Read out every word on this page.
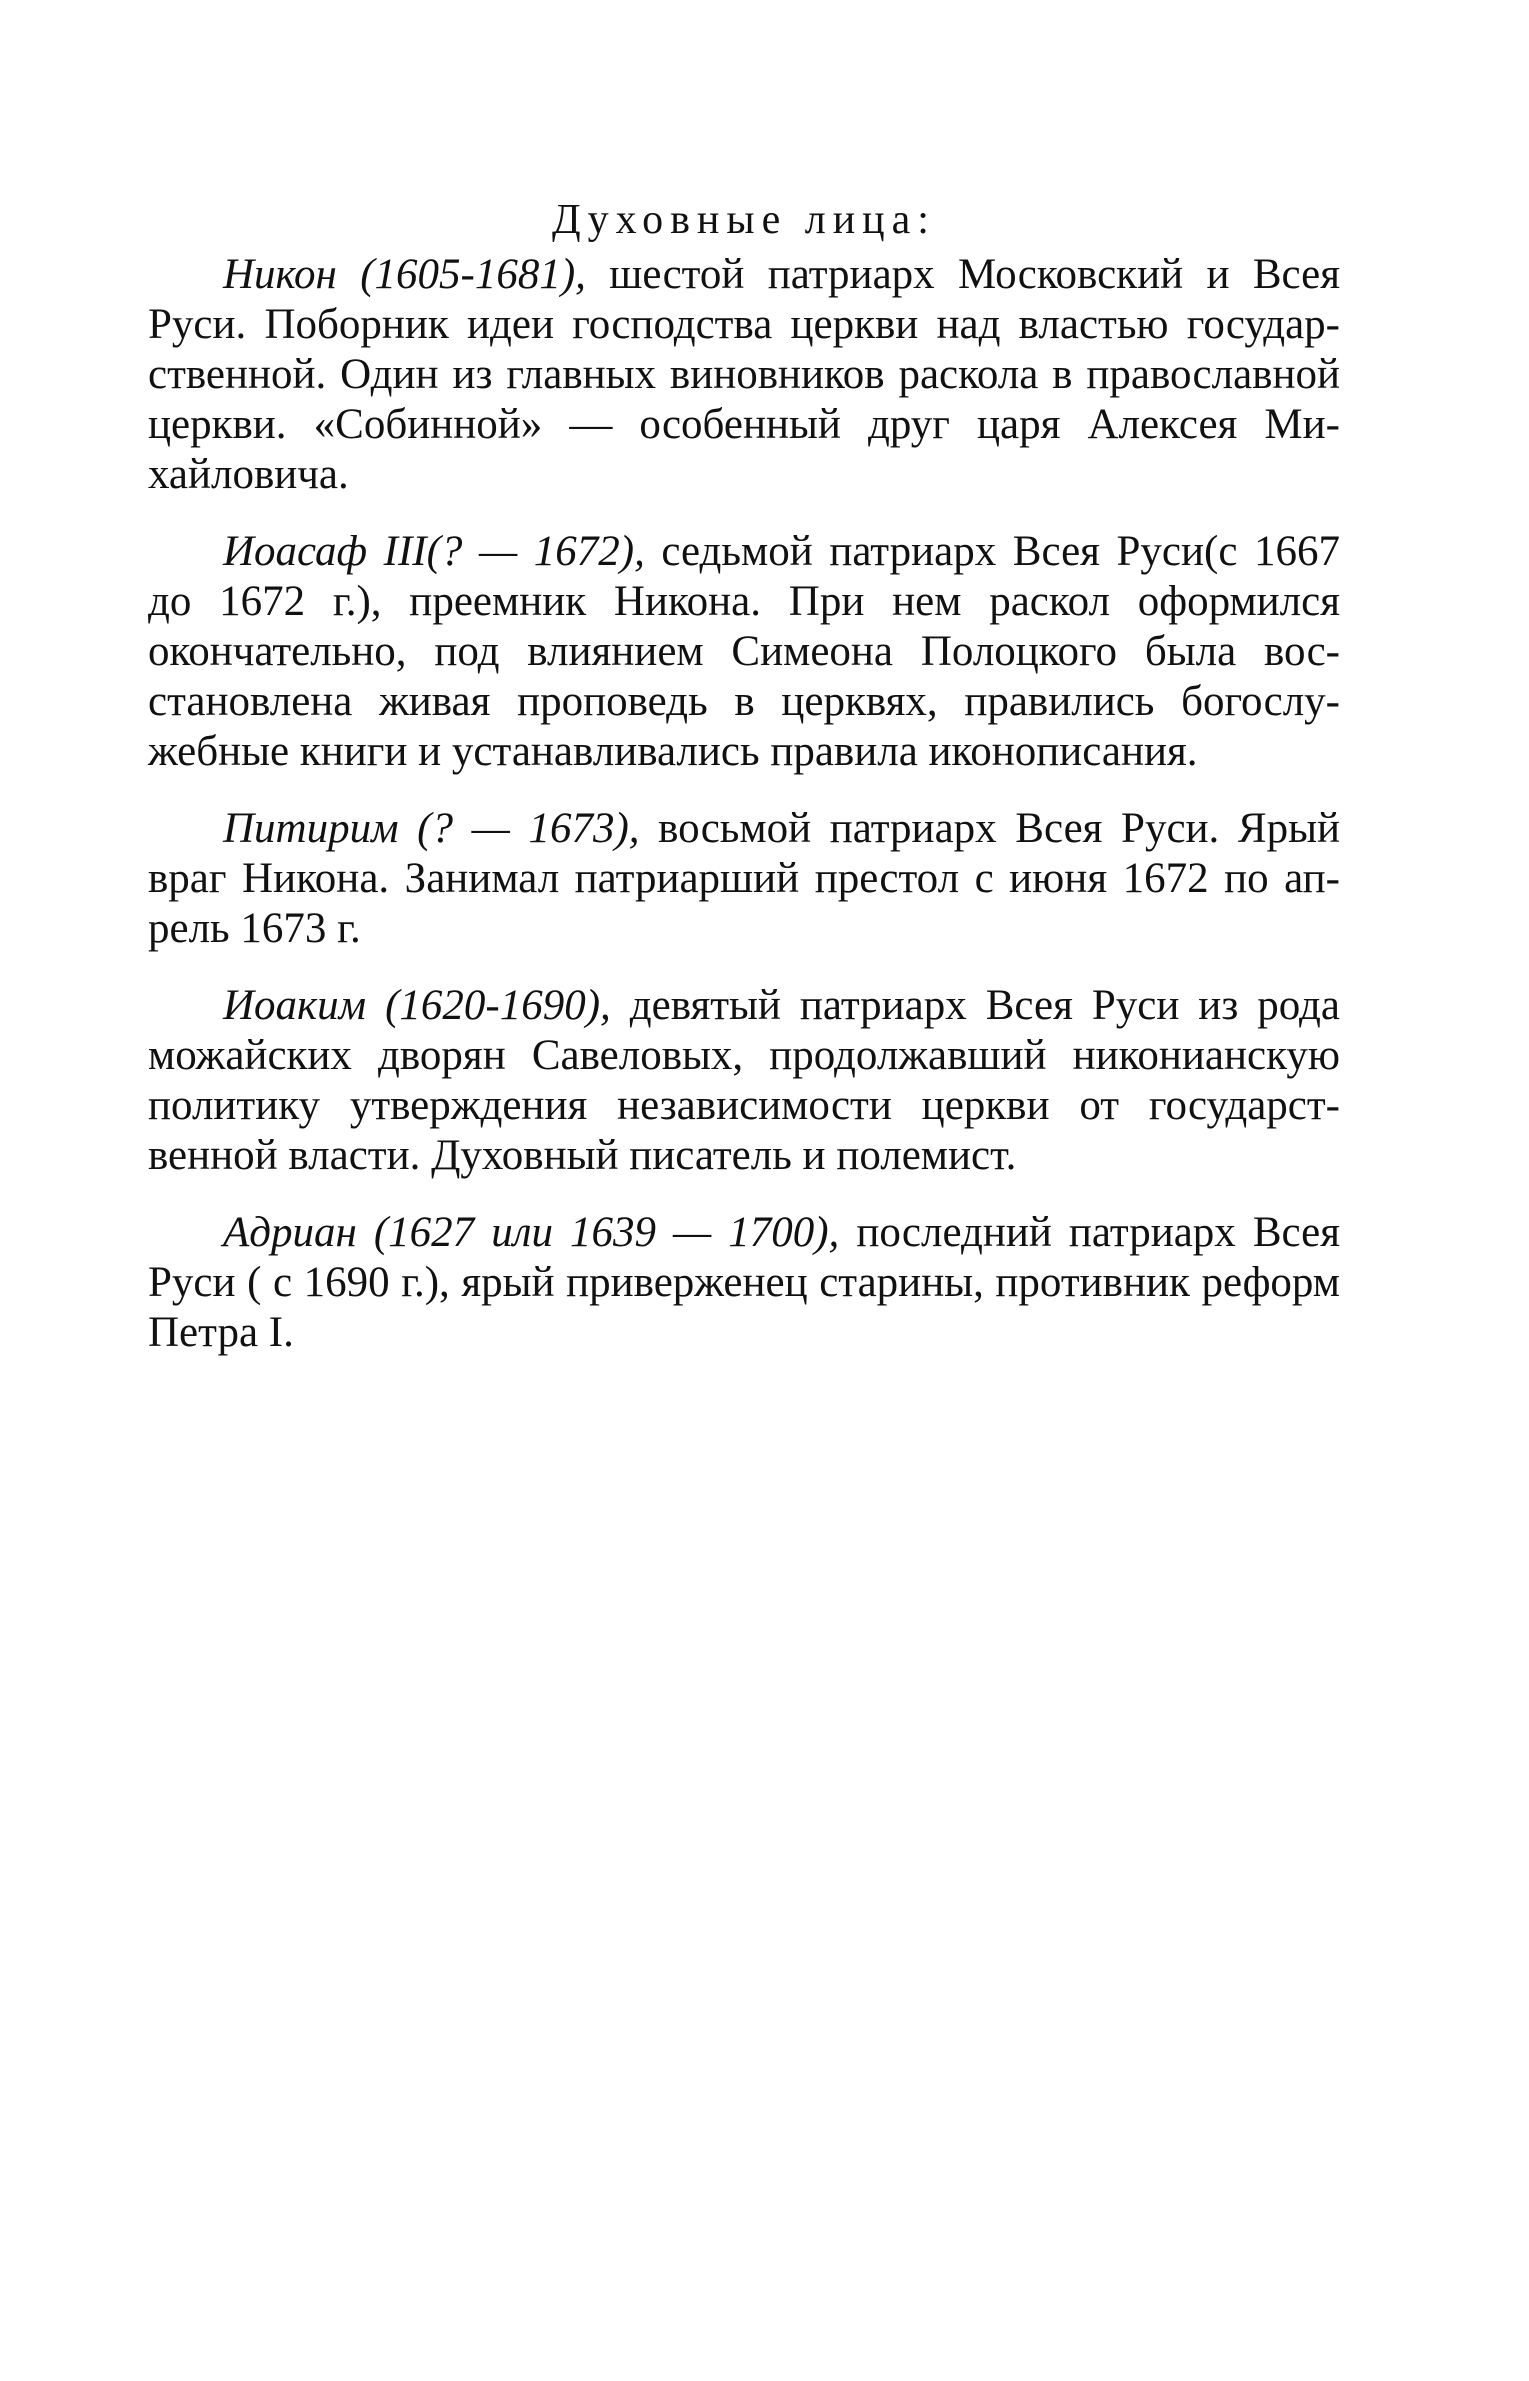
Духовные лица:

Никон (1605-1681), шестой патриарх Московский и Всея Руси. Поборник идеи господства церкви над властью государственной. Один из главных виновников раскола в православной церкви. «Собинной» — особенный друг царя Алексея Михайловича.

Иоасаф III(? — 1672), седьмой патриарх Всея Руси(с 1667 до 1672 г.), преемник Никона. При нем раскол оформился окончательно, под влиянием Симеона Полоцкого была восстановлена живая проповедь в церквях, правились богослужебные книги и устанавливались правила иконописания.

Питирим (? — 1673), восьмой патриарх Всея Руси. Ярый враг Никона. Занимал патриарший престол с июня 1672 по апрель 1673 г.

Иоаким (1620-1690), девятый патриарх Всея Руси из рода можайских дворян Савеловых, продолжавший никонианскую политику утверждения независимости церкви от государственной власти. Духовный писатель и полемист.

Адриан (1627 или 1639 — 1700), последний патриарх Всея Руси ( с 1690 г.), ярый приверженец старины, противник реформ Петра I.
